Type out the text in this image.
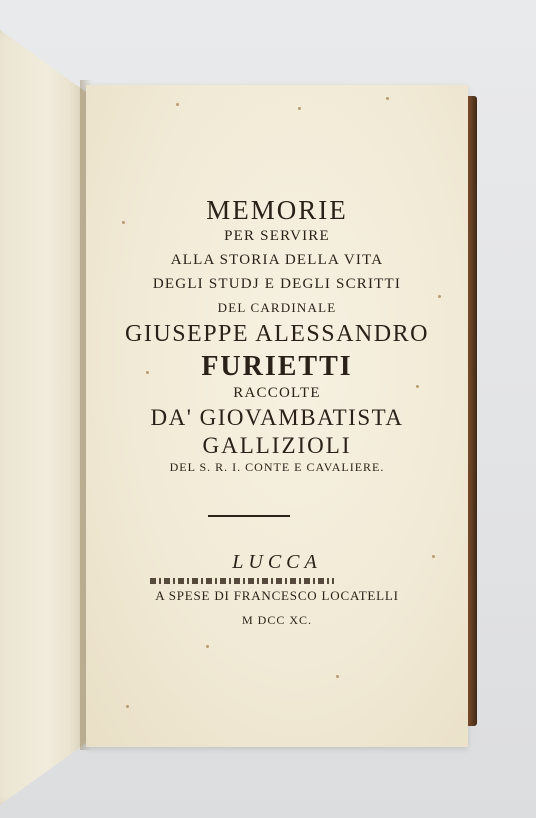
MEMORIE
PER SERVIRE
ALLA STORIA DELLA VITA
DEGLI STUDJ E DEGLI SCRITTI
DEL CARDINALE
GIUSEPPE ALESSANDRO
FURIETTI
RACCOLTE
DA' GIOVAMBATISTA
GALLIZIOLI
DEL S. R. I. CONTE E CAVALIERE.
LUCCA
A SPESE DI FRANCESCO LOCATELLI
M DCC XC.
